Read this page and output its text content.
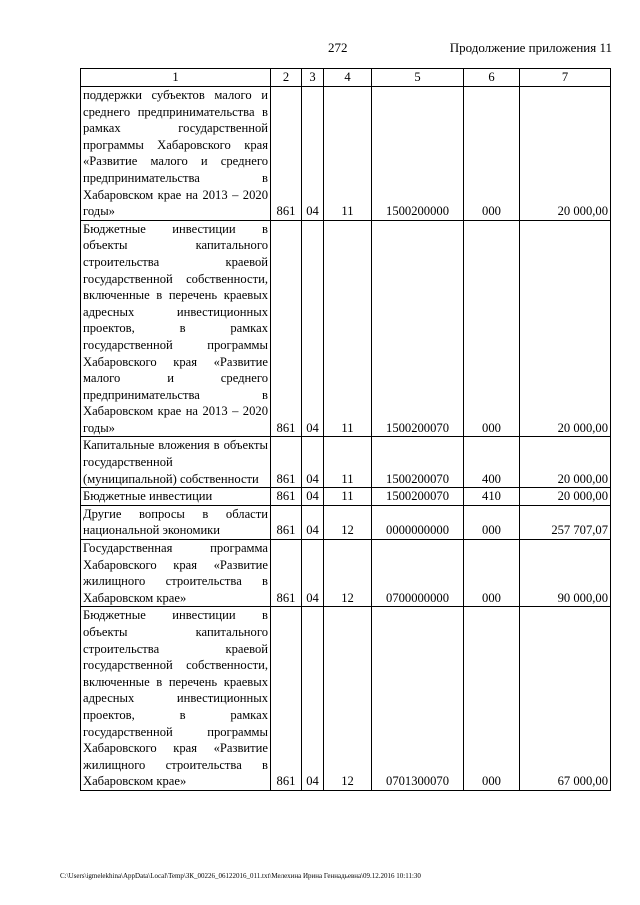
272	Продолжение приложения 11
1	2	3	4	5	6	7
поддержки субъектов малого и среднего предпринимательства в рамках государственной программы Хабаровского края «Развитие малого и среднего предпринимательства в Хабаровском крае на 2013 – 2020 годы»	861	04	11	1500200000	000	20 000,00
Бюджетные инвестиции в объекты капитального строительства краевой государственной собственности, включенные в перечень краевых адресных инвестиционных проектов, в рамках государственной программы Хабаровского края «Развитие малого и среднего предпринимательства в Хабаровском крае на 2013 – 2020 годы»	861	04	11	1500200070	000	20 000,00
Капитальные вложения в объекты государственной (муниципальной) собственности	861	04	11	1500200070	400	20 000,00
Бюджетные инвестиции	861	04	11	1500200070	410	20 000,00
Другие вопросы в области национальной экономики	861	04	12	0000000000	000	257 707,07
Государственная программа Хабаровского края «Развитие жилищного строительства в Хабаровском крае»	861	04	12	0700000000	000	90 000,00
Бюджетные инвестиции в объекты капитального строительства краевой государственной собственности, включенные в перечень краевых адресных инвестиционных проектов, в рамках государственной программы Хабаровского края «Развитие жилищного строительства в Хабаровском крае»	861	04	12	0701300070	000	67 000,00
C:\Users\igmelekhina\AppData\Local\Temp\ЗК_00226_06122016_011.txt\Мелехина Ирина Геннадьевна\09.12.2016 10:11:30
